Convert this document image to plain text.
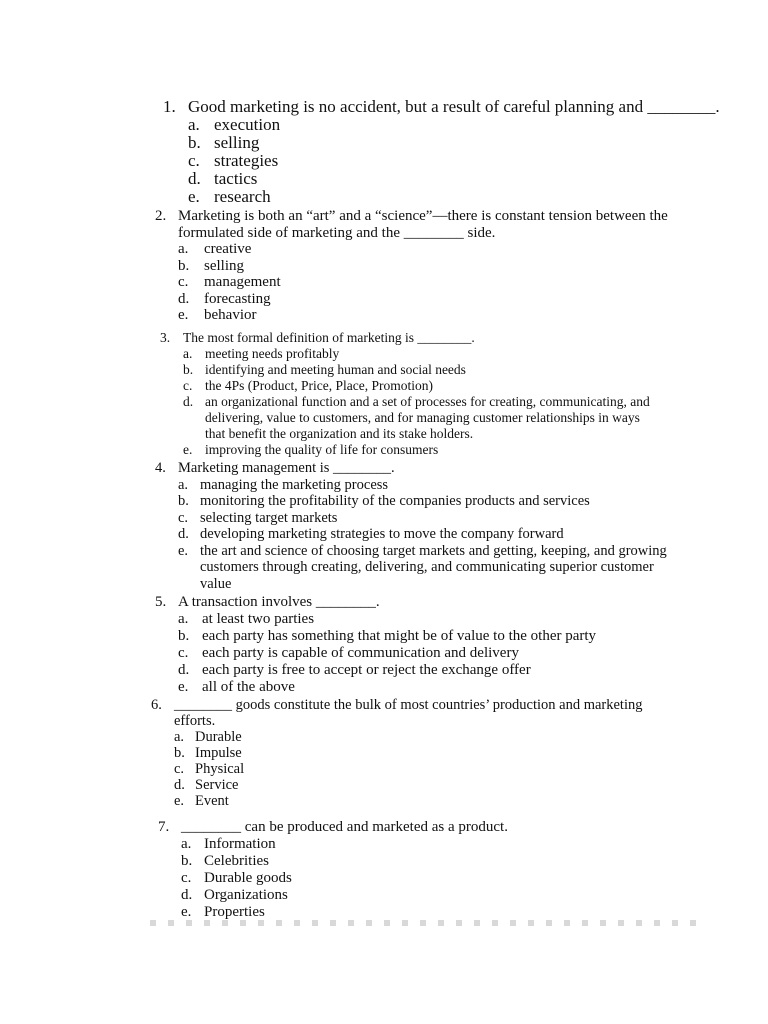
1. Good marketing is no accident, but a result of careful planning and ________.
a. execution
b. selling
c. strategies
d. tactics
e. research
2. Marketing is both an “art” and a “science”—there is constant tension between the
formulated side of marketing and the ________ side.
a.	creative
b. selling
c.	management
d. forecasting
e.	behavior
3. The most formal definition of marketing is ________.
a. meeting needs profitably
b. identifying and meeting human and social needs
c. the 4Ps (Product, Price, Place, Promotion)
d. an organizational function and a set of processes for creating, communicating, and
delivering, value to customers, and for managing customer relationships in ways
that benefit the organization and its stake holders.
e. improving the quality of life for consumers
4. Marketing management is ________.
a. managing the marketing process
b. monitoring the profitability of the companies products and services
c. selecting target markets
d. developing marketing strategies to move the company forward
e. the art and science of choosing target markets and getting, keeping, and growing
customers through creating, delivering, and communicating superior customer
value
5. A transaction involves ________.
a. at least two parties
b. each party has something that might be of value to the other party
c. each party is capable of communication and delivery
d. each party is free to accept or reject the exchange offer
e. all of the above
6. ________ goods constitute the bulk of most countries’ production and marketing
efforts.
a. Durable
b. Impulse
c. Physical
d. Service
e. Event
7. ________ can be produced and marketed as a product.
a. Information
b. Celebrities
c. Durable goods
d. Organizations
e. Properties
